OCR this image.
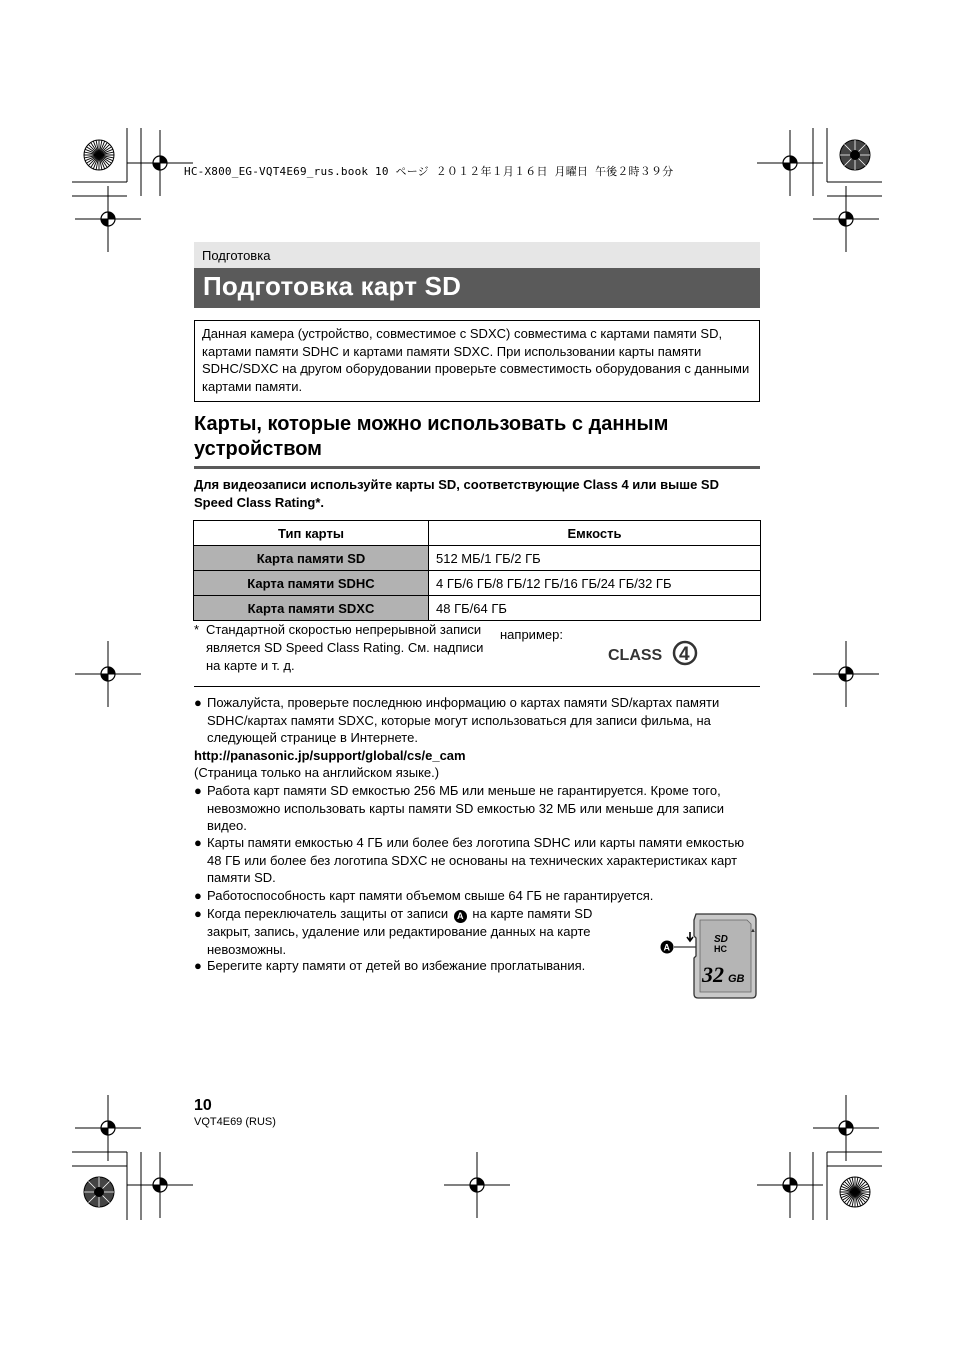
HC-X800_EG-VQT4E69_rus.book 10 ページ ２０１２年１月１６日 月曜日 午後２時３９分
Подготовка
Подготовка карт SD

Данная камера (устройство, совместимое с SDXC) совместима с картами памяти SD, картами памяти SDHC и картами памяти SDXC. При использовании карты памяти SDHC/SDXC на другом оборудовании проверьте совместимость оборудования с данными картами памяти.

Карты, которые можно использовать с данным устройством
Для видеозаписи используйте карты SD, соответствующие Class 4 или выше SD Speed Class Rating*.
Тип карты	Емкость
Карта памяти SD	512 МБ/1 ГБ/2 ГБ
Карта памяти SDHC	4 ГБ/6 ГБ/8 ГБ/12 ГБ/16 ГБ/24 ГБ/32 ГБ
Карта памяти SDXC	48 ГБ/64 ГБ
* Стандартной скоростью непрерывной записи является SD Speed Class Rating. См. надписи на карте и т. д.
например:
CLASS 4
● Пожалуйста, проверьте последнюю информацию о картах памяти SD/картах памяти SDHC/картах памяти SDXC, которые могут использоваться для записи фильма, на следующей странице в Интернете.
http://panasonic.jp/support/global/cs/e_cam
(Страница только на английском языке.)
● Работа карт памяти SD емкостью 256 МБ или меньше не гарантируется. Кроме того, невозможно использовать карты памяти SD емкостью 32 МБ или меньше для записи видео.
● Карты памяти емкостью 4 ГБ или более без логотипа SDHC или карты памяти емкостью 48 ГБ или более без логотипа SDXC не основаны на технических характеристиках карт памяти SD.
● Работоспособность карт памяти объемом свыше 64 ГБ не гарантируется.
● Когда переключатель защиты от записи A на карте памяти SD закрыт, запись, удаление или редактирование данных на карте невозможны.
● Берегите карту памяти от детей во избежание проглатывания.
A
▲
SD
HC
32 GB
10
VQT4E69 (RUS)
